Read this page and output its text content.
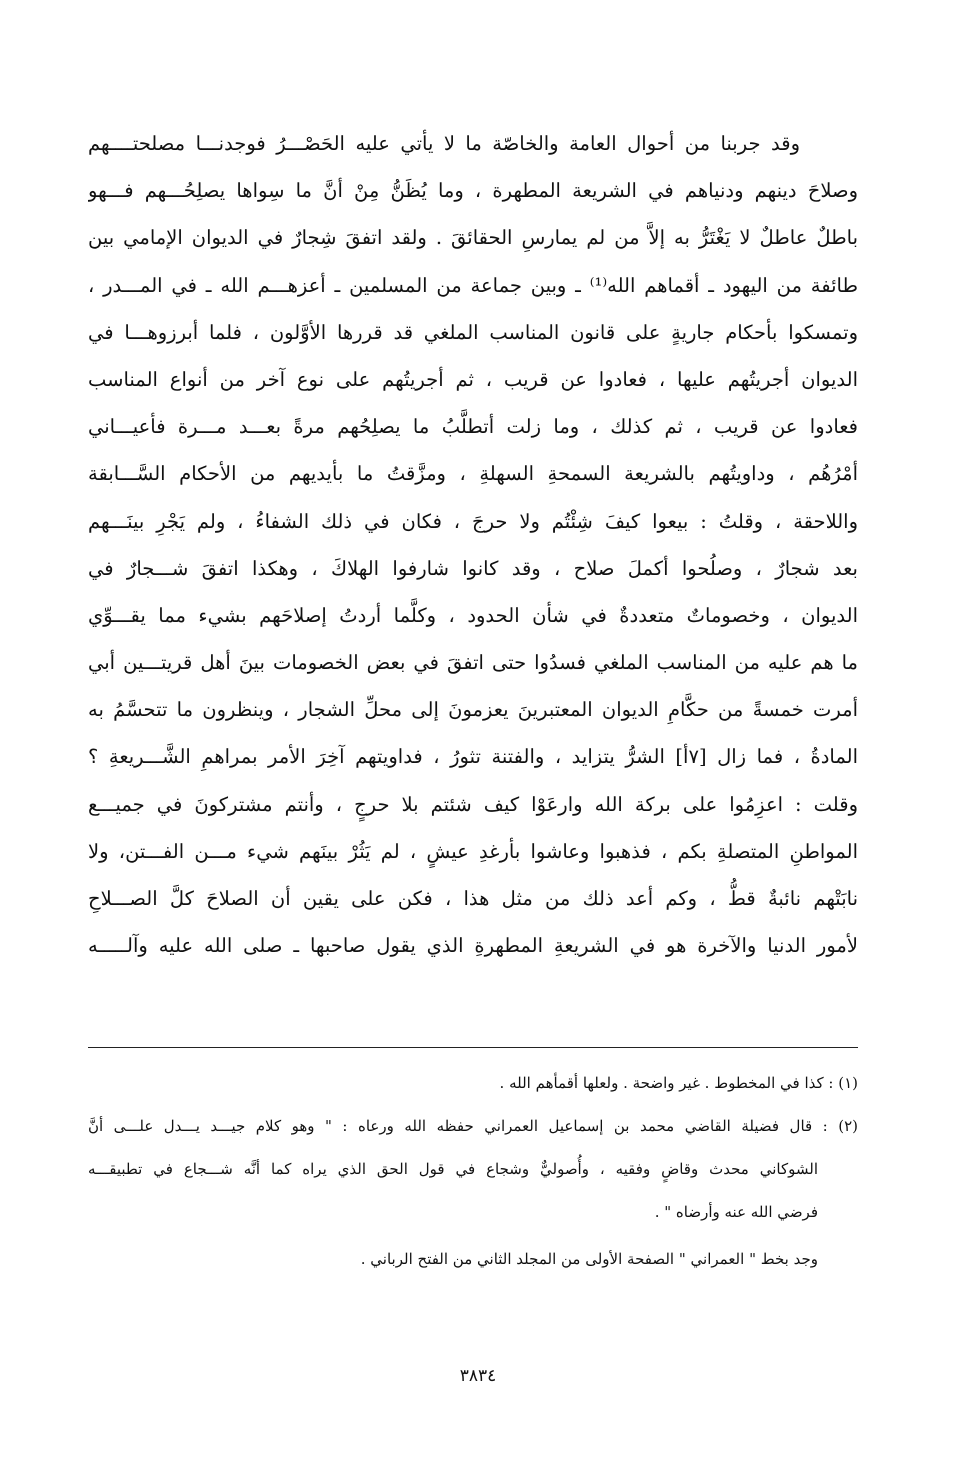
وقد جربنا من أحوال العامة والخاصّة ما لا يأتي عليه الحَصْـــرُ فوجدنـــا مصلحتــــهم
وصلاحَ دينهم ودنياهم في الشريعة المطهرة ، وما يُظَنُّ مِنْ أنَّ ما سِواها يصلِحُـــهم فـــهو
باطلٌ عاطلٌ لا يَغْتَرُّ به إلاَّ من لم يمارسِ الحقائقَ . ولقد اتفقَ شِجارٌ في الديوان الإمامي بين
طائفة من اليهود ـ أقماهم الله⁽¹⁾ ـ وبين جماعة من المسلمين ـ أعزهـــم الله ـ في المـــدر ،
وتمسكوا بأحكام جاريةٍ على قانون المناسب الملغي قد قررها الأوَّلون ، فلما أبرزوهـــا في
الديوان أجريتُهم عليها ، فعادوا عن قريب ، ثم أجريتُهم على نوع آخر من أنواع المناسب
فعادوا عن قريب ، ثم كذلك ، وما زلت أتطلَّبُ ما يصلِحُهم مرةً بعـــد مـــرة فأعيـــاني
أمْرُهُم ، وداويتُهم بالشريعة السمحةِ السهلةِ ، ومزَّقتُ ما بأيديهم من الأحكام السَّـــابقة
واللاحقة ، وقلتُ : بيعوا كيفَ شِئْتُم ولا حرجَ ، فكان في ذلك الشفاءُ ، ولم يَجْرِ بينَـــهم
بعد شجارٌ ، وصلُحوا أكملَ صلاح ، وقد كانوا شارفوا الهلاكَ ، وهكذا اتفقَ شـــجارٌ في
الديوان ، وخصوماتٌ متعددةٌ في شأن الحدود ، وكلَّما أردتُ إصلاحَهم بشيء مما يقـــوِّي
ما هم عليه من المناسب الملغي فسدُوا حتى اتفقَ في بعض الخصومات بينَ أهل قريتـــين أبي
أمرت خمسةً من حكَّامِ الديوان المعتبرينَ يعزمونَ إلى محلِّ الشجار ، وينظرون ما تتحسَّمُ به
المادةُ ، فما زال [٧أ] الشرُّ يتزايد ، والفتنة تثورُ ، فداويتهم آخِرَ الأمر بمراهمِ الشَّـــريعةِ ؟
وقلت : اعزِمُوا على بركة الله وارعَوْا كيف شئتم بلا حرجٍ ، وأنتم مشتركونَ في جميـــع
المواطنِ المتصلةِ بكم ، فذهبوا وعاشوا بأرغدِ عيشٍ ، لم يَثُرْ بينَهم شيء مـــن الفـــتن، ولا
نابَتْهم نائبةٌ قطُّ ، وكم أعد ذلك من مثل هذا ، فكن على يقين أن الصلاحَ كلَّ الصـــلاحِ
لأمور الدنيا والآخرة هو في الشريعةِ المطهرةِ الذي يقول صاحبها ـ صلى الله عليه وآلـــــه
(١) : كذا في المخطوط . غير واضحة . ولعلها أقمأهم الله .
(٢) : قال فضيلة القاضي محمد بن إسماعيل العمراني حفظه الله ورعاه : " وهو كلام جيـــد يـــدل علـــى أنَّ
الشوكاني محدث وقاضٍ وفقيه ، وأُصوليٌّ وشجاع في قول الحق الذي يراه كما أنَّه شـــجاع في تطبيقـــه
فرضي الله عنه وأرضاه " .
وجد بخط " العمراني " الصفحة الأولى من المجلد الثاني من الفتح الرباني .
٣٨٣٤
